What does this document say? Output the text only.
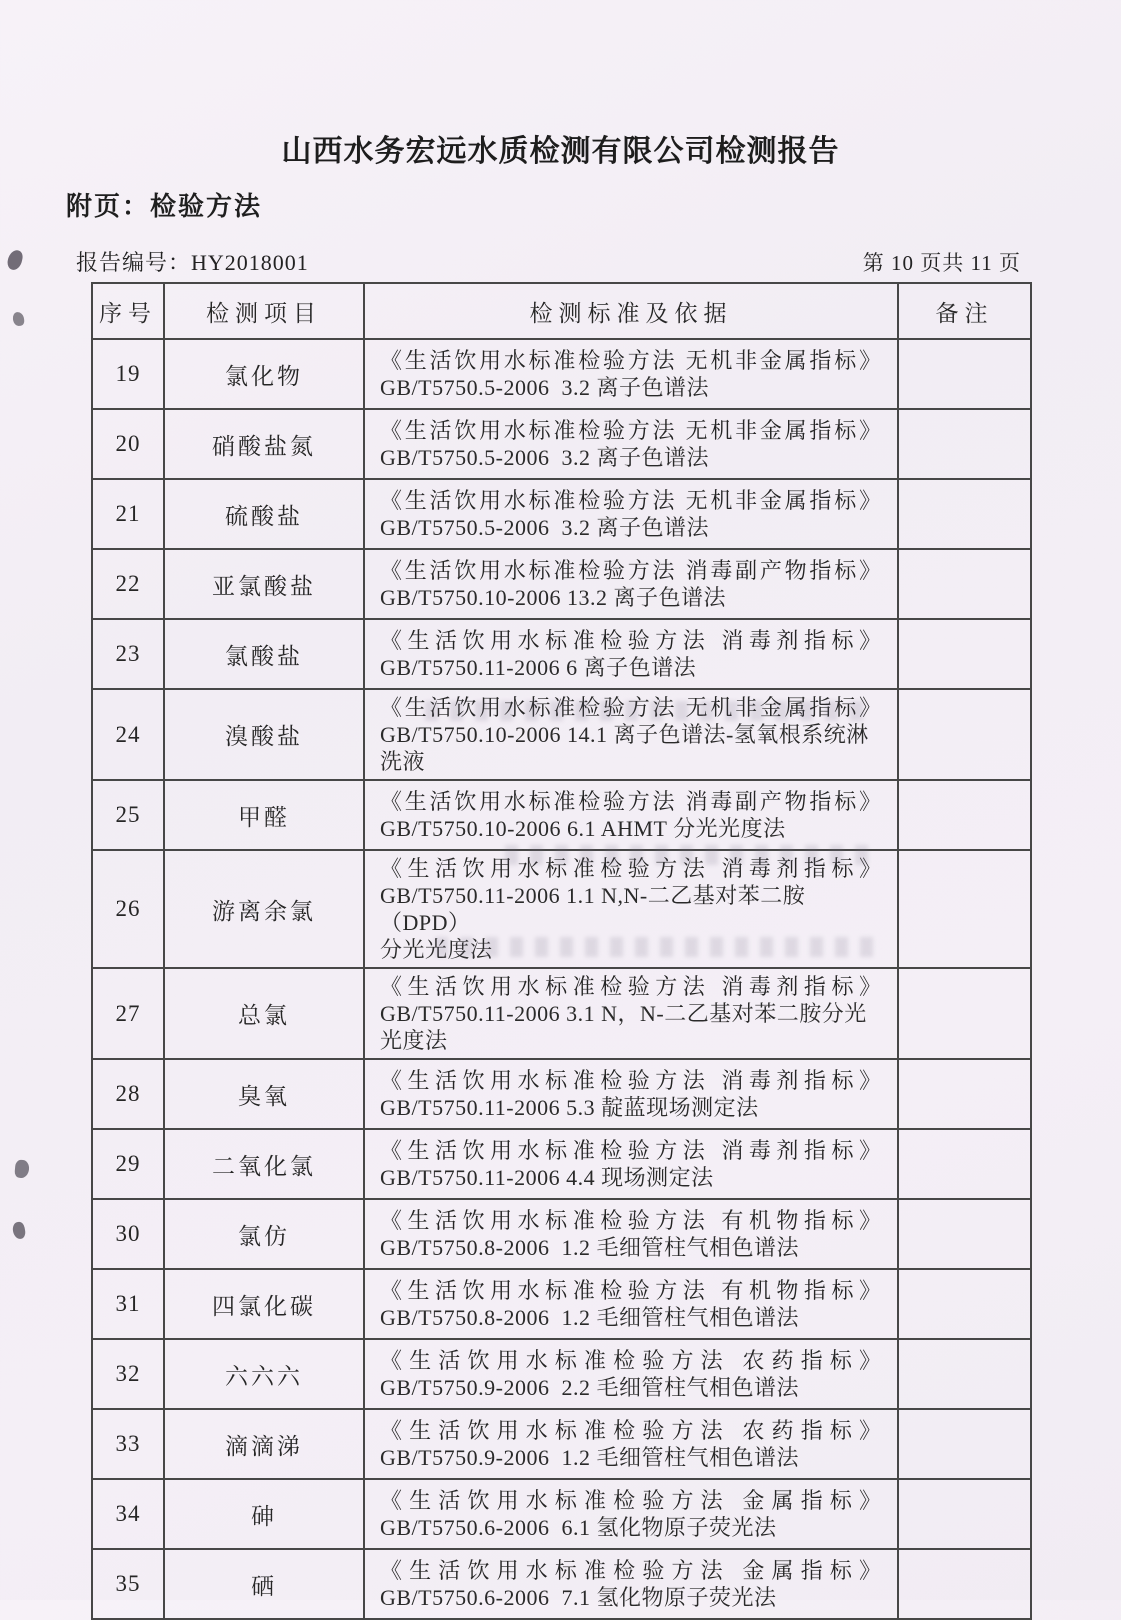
山西水务宏远水质检测有限公司检测报告
附页：检验方法
报告编号：HY2018001	第 10 页共 11 页
序号	检测项目	检测标准及依据	备注
19	氯化物	《生活饮用水标准检验方法 无机非金属指标》
GB/T5750.5-2006  3.2 离子色谱法	

20	硝酸盐氮	《生活饮用水标准检验方法 无机非金属指标》
GB/T5750.5-2006  3.2 离子色谱法	

21	硫酸盐	《生活饮用水标准检验方法 无机非金属指标》
GB/T5750.5-2006  3.2 离子色谱法	

22	亚氯酸盐	《生活饮用水标准检验方法 消毒副产物指标》
GB/T5750.10-2006 13.2 离子色谱法	

23	氯酸盐	《生活饮用水标准检验方法 消毒剂指标》
GB/T5750.11-2006 6 离子色谱法	

24	溴酸盐	《生活饮用水标准检验方法 无机非金属指标》
GB/T5750.10-2006 14.1 离子色谱法-氢氧根系统淋
洗液	

25	甲醛	《生活饮用水标准检验方法 消毒副产物指标》
GB/T5750.10-2006 6.1 AHMT 分光光度法	

26	游离余氯	《生活饮用水标准检验方法 消毒剂指标》
GB/T5750.11-2006 1.1 N,N-二乙基对苯二胺（DPD）
分光光度法	

27	总氯	《生活饮用水标准检验方法 消毒剂指标》
GB/T5750.11-2006 3.1 N，N-二乙基对苯二胺分光
光度法	

28	臭氧	《生活饮用水标准检验方法 消毒剂指标》
GB/T5750.11-2006 5.3 靛蓝现场测定法	

29	二氧化氯	《生活饮用水标准检验方法 消毒剂指标》
GB/T5750.11-2006 4.4 现场测定法	

30	氯仿	《生活饮用水标准检验方法 有机物指标》
GB/T5750.8-2006  1.2 毛细管柱气相色谱法	

31	四氯化碳	《生活饮用水标准检验方法 有机物指标》
GB/T5750.8-2006  1.2 毛细管柱气相色谱法	

32	六六六	《生活饮用水标准检验方法 农药指标》
GB/T5750.9-2006  2.2 毛细管柱气相色谱法	

33	滴滴涕	《生活饮用水标准检验方法 农药指标》
GB/T5750.9-2006  1.2 毛细管柱气相色谱法	

34	砷	《生活饮用水标准检验方法 金属指标》
GB/T5750.6-2006  6.1 氢化物原子荧光法	

35	硒	《生活饮用水标准检验方法 金属指标》
GB/T5750.6-2006  7.1 氢化物原子荧光法	
